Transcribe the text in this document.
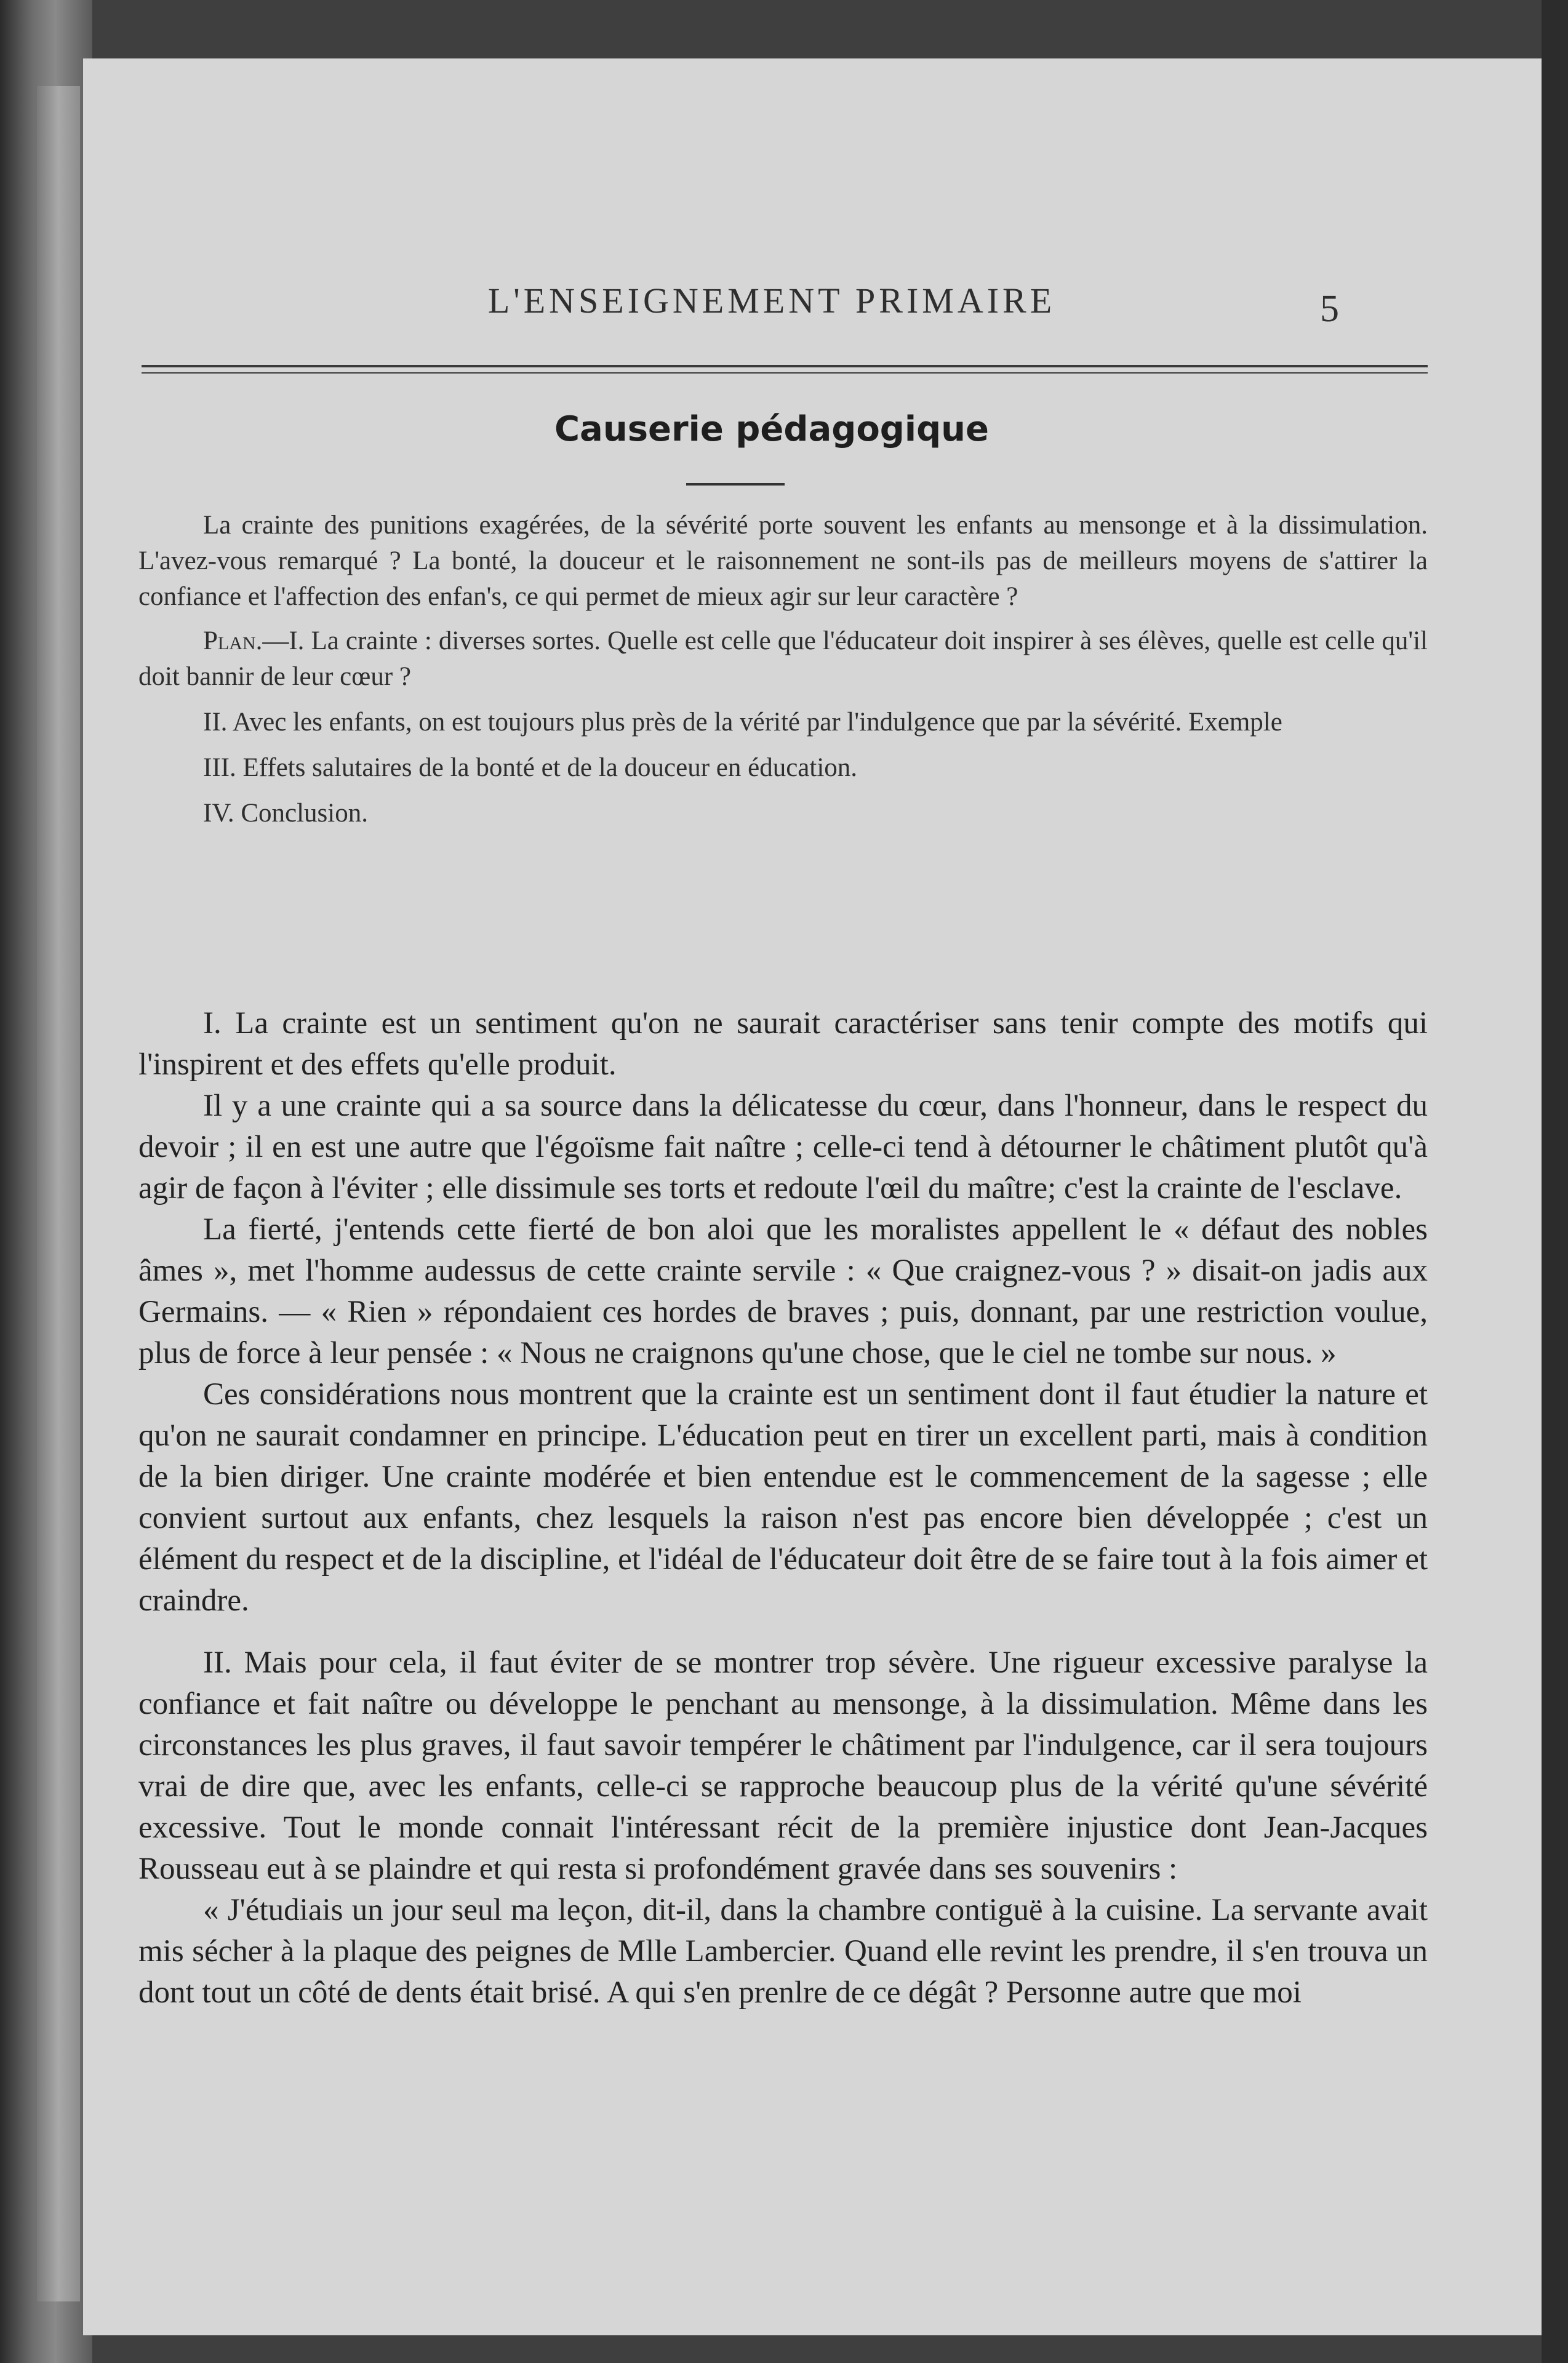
L'ENSEIGNEMENT PRIMAIRE	5
Causerie pédagogique

La crainte des punitions exagérées, de la sévérité porte souvent les enfants au mensonge et à la dissimulation. L'avez-vous remarqué ? La bonté, la douceur et le raisonnement ne sont-ils pas de meilleurs moyens de s'attirer la confiance et l'affection des enfan's, ce qui permet de mieux agir sur leur caractère ?

Plan.—I. La crainte : diverses sortes. Quelle est celle que l'éducateur doit inspirer à ses élèves, quelle est celle qu'il doit bannir de leur cœur ?

II. Avec les enfants, on est toujours plus près de la vérité par l'indulgence que par la sévérité. Exemple

III. Effets salutaires de la bonté et de la douceur en éducation.

IV. Conclusion.

I. La crainte est un sentiment qu'on ne saurait caractériser sans tenir compte des motifs qui l'inspirent et des effets qu'elle produit.

Il y a une crainte qui a sa source dans la délicatesse du cœur, dans l'honneur, dans le respect du devoir ; il en est une autre que l'égoïsme fait naître ; celle-ci tend à détourner le châtiment plutôt qu'à agir de façon à l'éviter ; elle dissimule ses torts et redoute l'œil du maître; c'est la crainte de l'esclave.

La fierté, j'entends cette fierté de bon aloi que les moralistes appellent le « défaut des nobles âmes », met l'homme audessus de cette crainte servile : « Que craignez-vous ? » disait-on jadis aux Germains. — « Rien » répondaient ces hordes de braves ; puis, donnant, par une restriction voulue, plus de force à leur pensée : « Nous ne craignons qu'une chose, que le ciel ne tombe sur nous. »

Ces considérations nous montrent que la crainte est un sentiment dont il faut étudier la nature et qu'on ne saurait condamner en principe. L'éducation peut en tirer un excellent parti, mais à condition de la bien diriger. Une crainte modérée et bien entendue est le commencement de la sagesse ; elle convient surtout aux enfants, chez lesquels la raison n'est pas encore bien développée ; c'est un élément du respect et de la discipline, et l'idéal de l'éducateur doit être de se faire tout à la fois aimer et craindre.

II. Mais pour cela, il faut éviter de se montrer trop sévère. Une rigueur excessive paralyse la confiance et fait naître ou développe le penchant au mensonge, à la dissimulation. Même dans les circonstances les plus graves, il faut savoir tempérer le châtiment par l'indulgence, car il sera toujours vrai de dire que, avec les enfants, celle-ci se rapproche beaucoup plus de la vérité qu'une sévérité excessive. Tout le monde connait l'intéressant récit de la première injustice dont Jean-Jacques Rousseau eut à se plaindre et qui resta si profondément gravée dans ses souvenirs :

« J'étudiais un jour seul ma leçon, dit-il, dans la chambre contiguë à la cuisine. La servante avait mis sécher à la plaque des peignes de Mlle Lambercier. Quand elle revint les prendre, il s'en trouva un dont tout un côté de dents était brisé. A qui s'en prenlre de ce dégât ? Personne autre que moi
